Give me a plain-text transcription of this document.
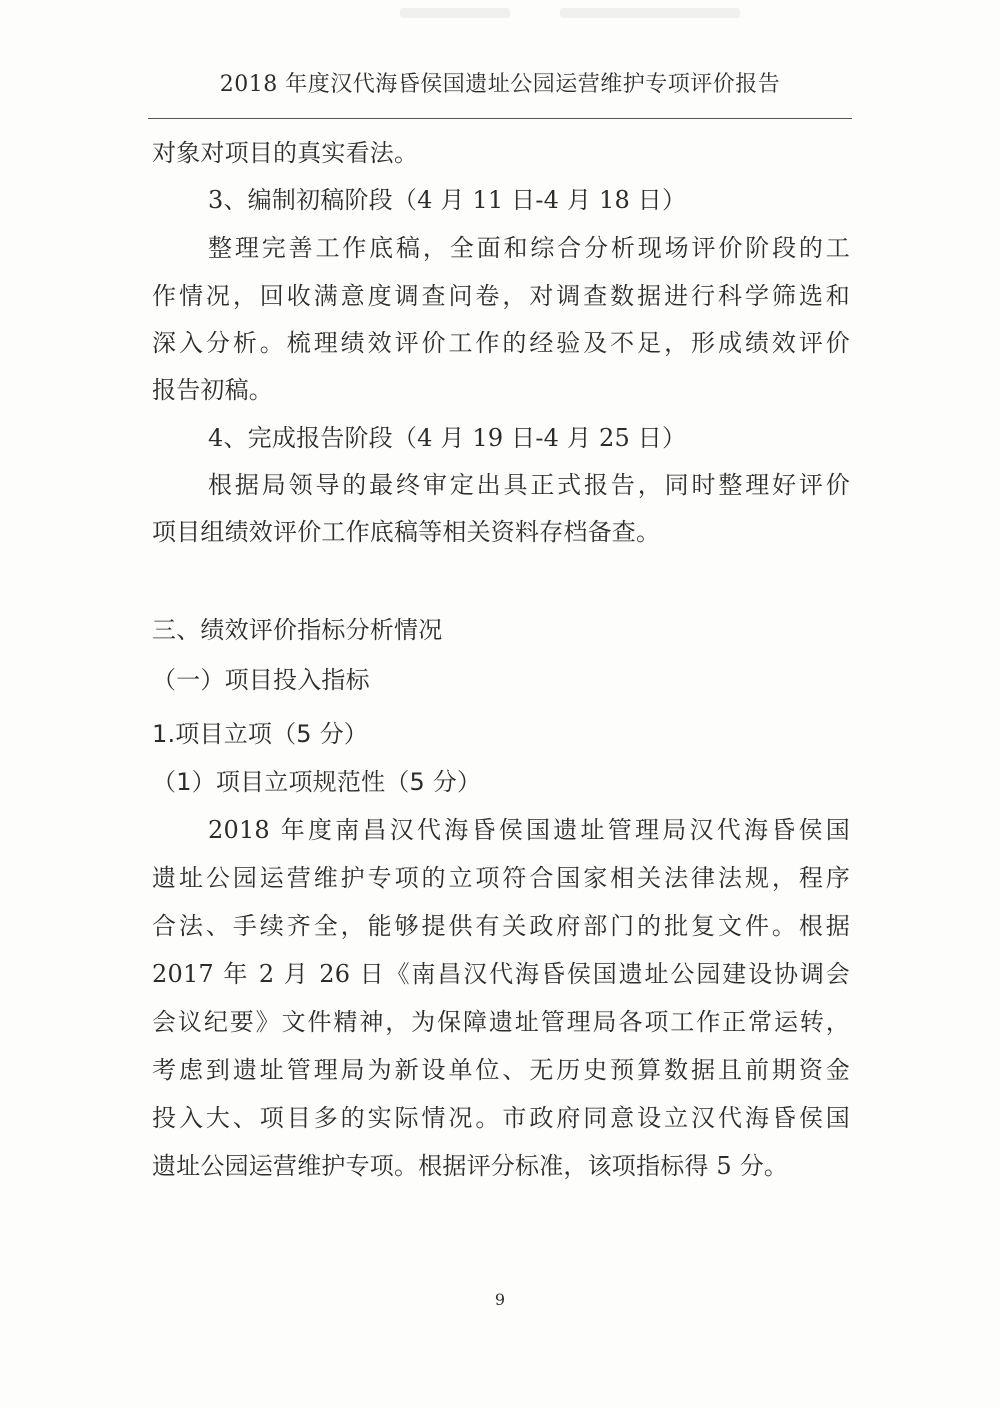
2018 年度汉代海昏侯国遗址公园运营维护专项评价报告
对象对项目的真实看法。
3、编制初稿阶段（4 月 11 日-4 月 18 日）
整理完善工作底稿，全面和综合分析现场评价阶段的工
作情况，回收满意度调查问卷，对调查数据进行科学筛选和
深入分析。梳理绩效评价工作的经验及不足，形成绩效评价
报告初稿。
4、完成报告阶段（4 月 19 日-4 月 25 日）
根据局领导的最终审定出具正式报告，同时整理好评价
项目组绩效评价工作底稿等相关资料存档备查。
三、绩效评价指标分析情况
（一）项目投入指标
1.项目立项（5 分）
（1）项目立项规范性（5 分）
2018 年度南昌汉代海昏侯国遗址管理局汉代海昏侯国
遗址公园运营维护专项的立项符合国家相关法律法规，程序
合法、手续齐全，能够提供有关政府部门的批复文件。根据
2017 年 2 月 26 日《南昌汉代海昏侯国遗址公园建设协调会
会议纪要》文件精神，为保障遗址管理局各项工作正常运转，
考虑到遗址管理局为新设单位、无历史预算数据且前期资金
投入大、项目多的实际情况。市政府同意设立汉代海昏侯国
遗址公园运营维护专项。根据评分标准，该项指标得 5 分。
9
